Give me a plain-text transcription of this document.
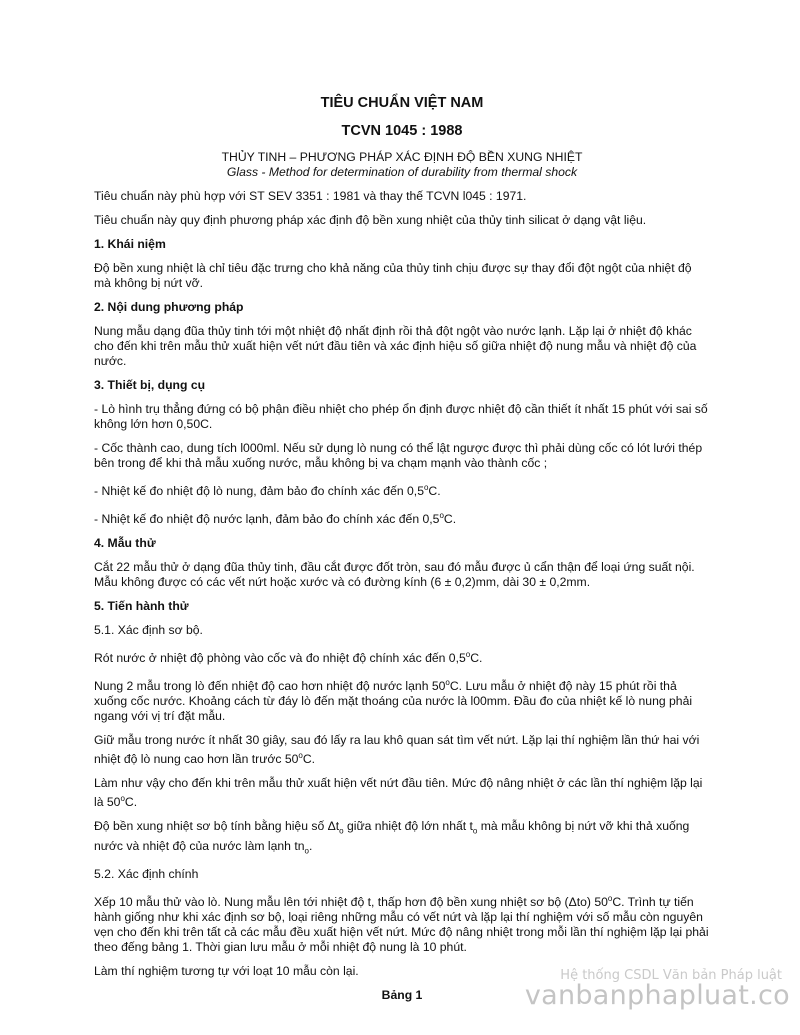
TIÊU CHUẨN VIỆT NAM
TCVN 1045 : 1988
THỦY TINH – PHƯƠNG PHÁP XÁC ĐỊNH ĐỘ BỀN XUNG NHIỆT
Glass - Method for determination of durability from thermal shock

Tiêu chuẩn này phù hợp với ST SEV 3351 : 1981 và thay thế TCVN l045 : 1971.

Tiêu chuẩn này quy định phương pháp xác định độ bền xung nhiệt của thủy tinh silicat ở dạng vật liệu.

1. Khái niệm

Độ bền xung nhiệt là chỉ tiêu đặc trưng cho khả năng của thủy tinh chịu được sự thay đổi đột ngột của nhiệt độ mà không bị nứt vỡ.

2. Nội dung phương pháp

Nung mẫu dạng đũa thủy tinh tới một nhiệt độ nhất định rồi thả đột ngột vào nước lạnh. Lặp lại ở nhiệt độ khác cho đến khi trên mẫu thử xuất hiện vết nứt đầu tiên và xác định hiệu số giữa nhiệt độ nung mẫu và nhiệt độ của nước.

3. Thiết bị, dụng cụ

- Lò hình trụ thẳng đứng có bộ phận điều nhiệt cho phép ổn định được nhiệt độ cần thiết ít nhất 15 phút với sai số không lớn hơn 0,50C.

- Cốc thành cao, dung tích l000ml. Nếu sử dụng lò nung có thể lật ngược được thì phải dùng cốc có lót lưới thép bên trong để khi thả mẫu xuống nước, mẫu không bị va chạm mạnh vào thành cốc ;

- Nhiệt kế đo nhiệt độ lò nung, đảm bảo đo chính xác đến 0,5$^o$C.

- Nhiệt kế đo nhiệt độ nước lạnh, đảm bảo đo chính xác đến 0,5$^o$C.

4. Mẫu thử

Cắt 22 mẫu thử ở dạng đũa thủy tinh, đầu cắt được đốt tròn, sau đó mẫu được ủ cẩn thận để loại ứng suất nội. Mẫu không được có các vết nứt hoặc xước và có đường kính (6 ± 0,2)mm, dài 30 ± 0,2mm.

5. Tiến hành thử

5.1. Xác định sơ bộ.

Rót nước ở nhiệt độ phòng vào cốc và đo nhiệt độ chính xác đến 0,5$^o$C.

Nung 2 mẫu trong lò đến nhiệt độ cao hơn nhiệt độ nước lạnh 50$^o$C. Lưu mẫu ở nhiệt độ này 15 phút rồi thả xuống cốc nước. Khoảng cách từ đáy lò đến mặt thoáng của nước là l00mm. Đầu đo của nhiệt kế lò nung phải ngang với vị trí đặt mẫu.

Giữ mẫu trong nước ít nhất 30 giây, sau đó lấy ra lau khô quan sát tìm vết nứt. Lặp lại thí nghiệm lần thứ hai với nhiệt độ lò nung cao hơn lần trước 50$^o$C.

Làm như vậy cho đến khi trên mẫu thử xuất hiện vết nứt đầu tiên. Mức độ nâng nhiệt ở các lần thí nghiệm lặp lại là 50$^o$C.

Độ bền xung nhiệt sơ bộ tính bằng hiệu số $\Delta t_o$ giữa nhiệt độ lớn nhất $t_o$ mà mẫu không bị nứt vỡ khi thả xuống nước và nhiệt độ của nước làm lạnh $tn_o$.

5.2. Xác định chính

Xếp 10 mẫu thử vào lò. Nung mẫu lên tới nhiệt độ t, thấp hơn độ bền xung nhiệt sơ bộ (Δto) 50$^o$C. Trình tự tiến hành giống như khi xác định sơ bộ, loại riêng những mẫu có vết nứt và lặp lại thí nghiệm với số mẫu còn nguyên vẹn cho đến khi trên tất cả các mẫu đều xuất hiện vết nứt. Mức độ nâng nhiệt trong mỗi lần thí nghiệm lặp lại phải theo đếng bảng 1. Thời gian lưu mẫu ở mỗi nhiệt độ nung là 10 phút.

Làm thí nghiệm tương tự với loạt 10 mẫu còn lại.

Bảng 1
Hệ thống CSDL Văn bản Pháp luật
vanbanphapluat.co
